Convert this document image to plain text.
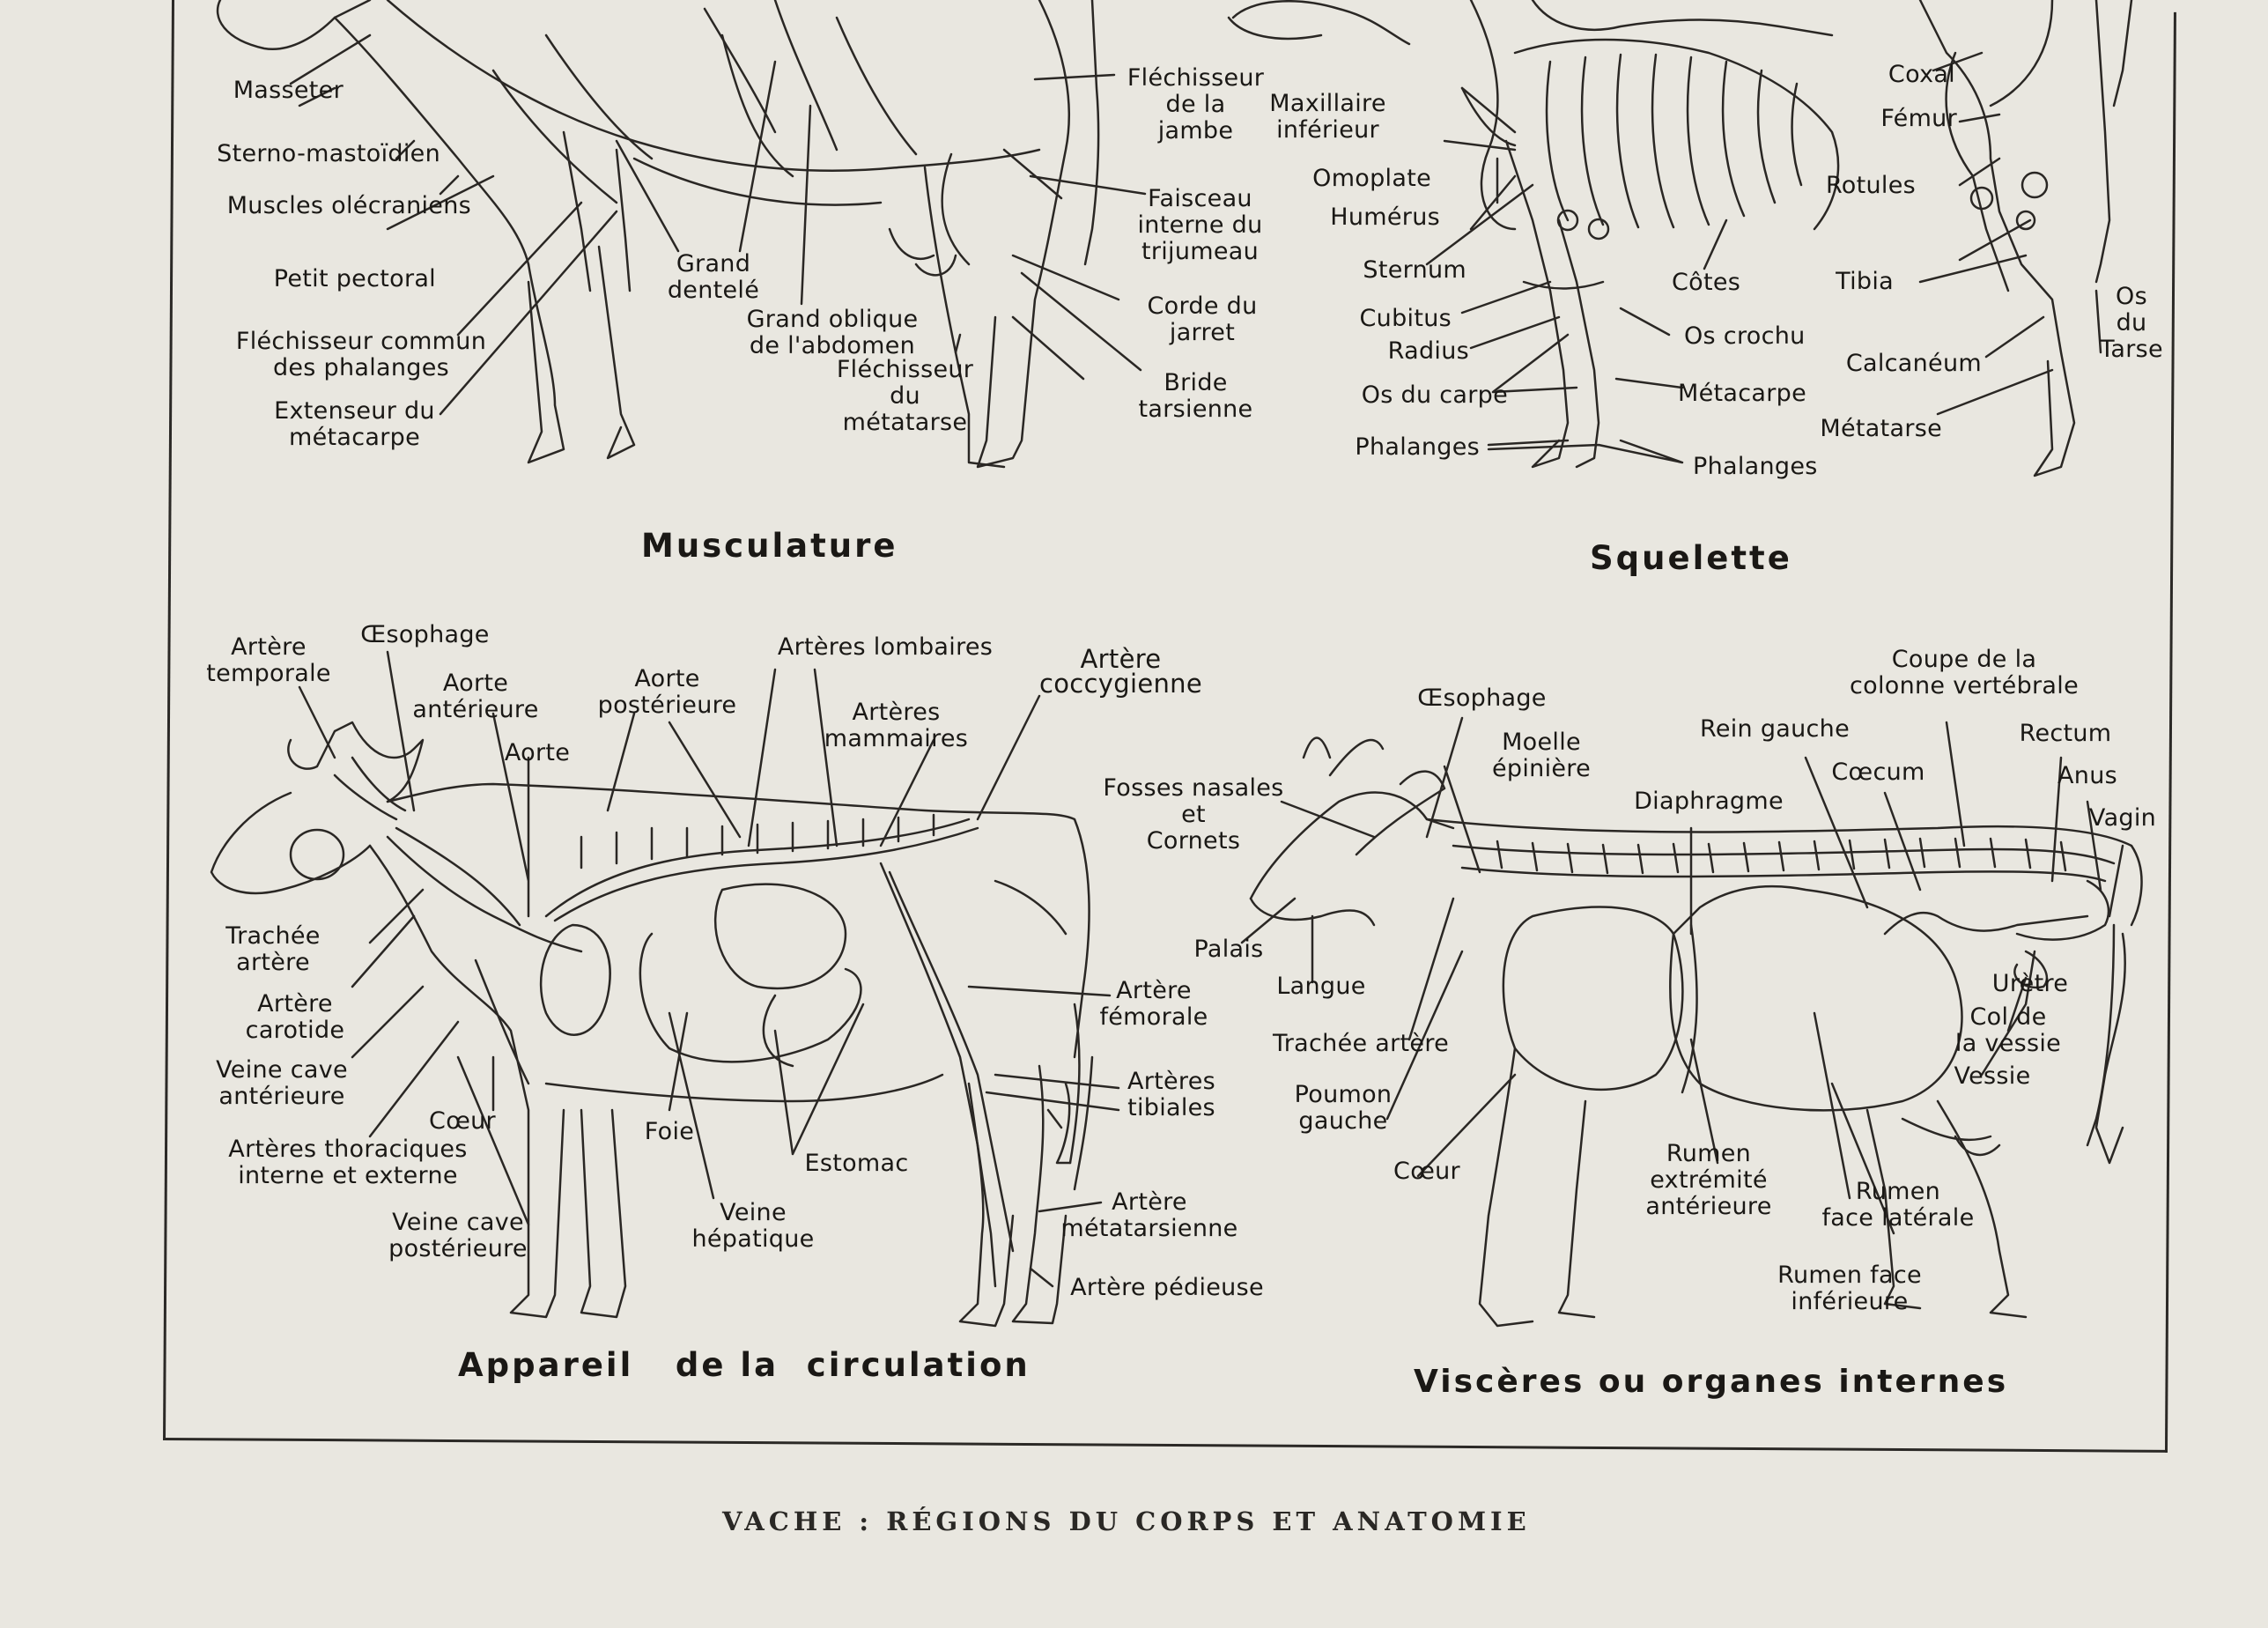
Musculature	Squelette
Appareil   de la  circulation	Viscères ou organes internes
Masseter
Sterno-mastoïdien
Muscles olécraniens
Petit pectoral
Fléchisseur commun
des phalanges
Extenseur du
métacarpe
Grand
dentelé
Grand oblique
de l'abdomen
Fléchisseur
du
métatarse
Fléchisseur
de la
jambe
Faisceau
interne du
trijumeau
Corde du
jarret
Bride
tarsienne
Maxillaire
inférieur
Omoplate
Humérus
Sternum
Cubitus
Radius
Os du carpe
Phalanges
Côtes
Os crochu
Métacarpe
Phalanges
Coxal
Fémur
Rotules
Tibia
Calcanéum
Métatarse
Os
du
Tarse
Artère
temporale
Œsophage
Aorte
antérieure
Aorte
Aorte
postérieure
Artères lombaires
Artères
mammaires
Artère
coccygienne
Trachée
artère
Artère
carotide
Veine cave
antérieure
Cœur
Artères thoraciques
interne et externe
Veine cave
postérieure
Foie
Veine
hépatique
Estomac
Artère
fémorale
Artères
tibiales
Artère
métatarsienne
Artère pédieuse
Fosses nasales
et
Cornets
Palais
Œsophage
Moelle
épinière
Langue
Trachée artère
Poumon
gauche
Cœur
Diaphragme
Rein gauche
Coupe de la
colonne vertébrale
Cœcum
Rectum
Anus
Vagin
Urètre
Col de
la vessie
Vessie
Rumen
extrémité
antérieure
Rumen
face latérale
Rumen face
inférieure
VACHE : RÉGIONS DU CORPS ET ANATOMIE
